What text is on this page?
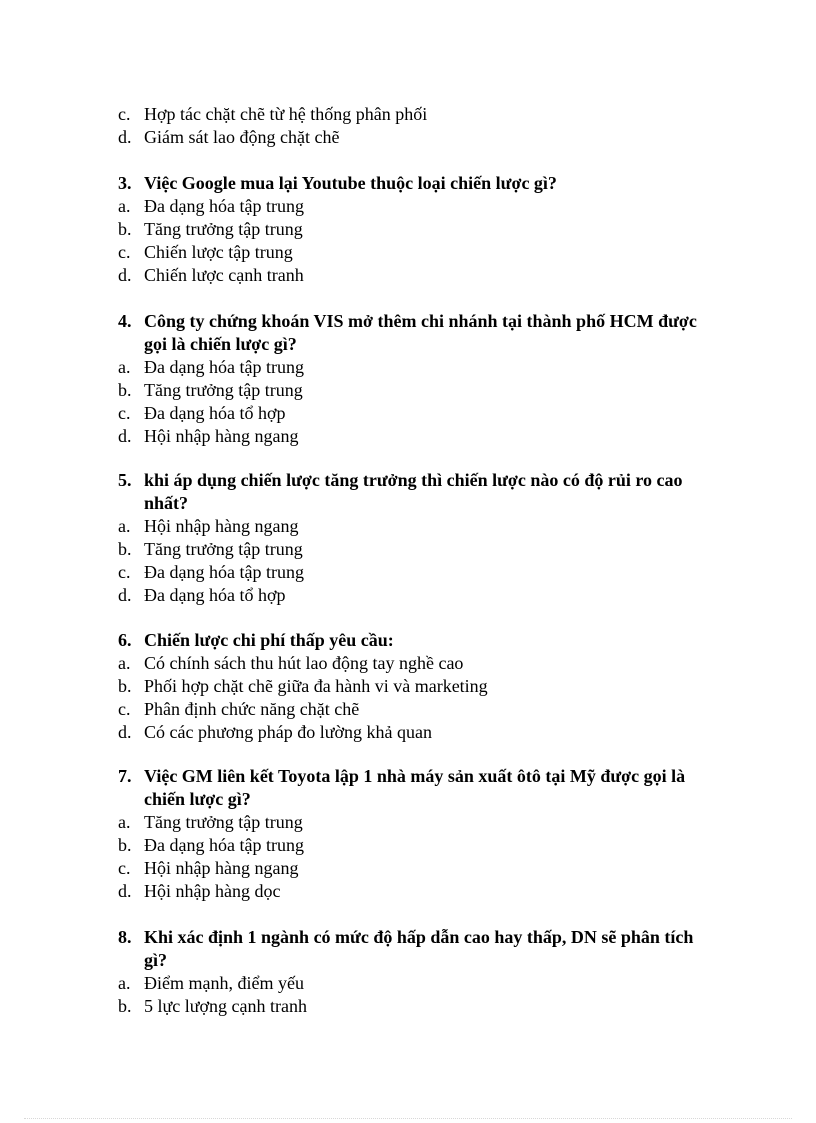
c. Hợp tác chặt chẽ từ hệ thống phân phối
d. Giám sát lao động chặt chẽ
3. Việc Google mua lại Youtube thuộc loại chiến lược gì?
a. Đa dạng hóa tập trung
b. Tăng trưởng tập trung
c. Chiến lược tập trung
d. Chiến lược cạnh tranh
4. Công ty chứng khoán VIS mở thêm chi nhánh tại thành phố HCM được gọi là chiến lược gì?
a. Đa dạng hóa tập trung
b. Tăng trưởng tập trung
c. Đa dạng hóa tổ hợp
d. Hội nhập hàng ngang
5. khi áp dụng chiến lược tăng trưởng thì chiến lược nào có độ rủi ro cao nhất?
a. Hội nhập hàng ngang
b. Tăng trưởng tập trung
c. Đa dạng hóa tập trung
d. Đa dạng hóa tổ hợp
6. Chiến lược chi phí thấp yêu cầu:
a. Có chính sách thu hút lao động tay nghề cao
b. Phối hợp chặt chẽ giữa đa hành vi và marketing
c. Phân định chức năng chặt chẽ
d. Có các phương pháp đo lường khả quan
7. Việc GM liên kết Toyota lập 1 nhà máy sản xuất ôtô tại Mỹ được gọi là chiến lược gì?
a. Tăng trưởng tập trung
b. Đa dạng hóa tập trung
c. Hội nhập hàng ngang
d. Hội nhập hàng dọc
8. Khi xác định 1 ngành có mức độ hấp dẫn cao hay thấp, DN sẽ phân tích gì?
a. Điểm mạnh, điểm yếu
b. 5 lực lượng cạnh tranh
